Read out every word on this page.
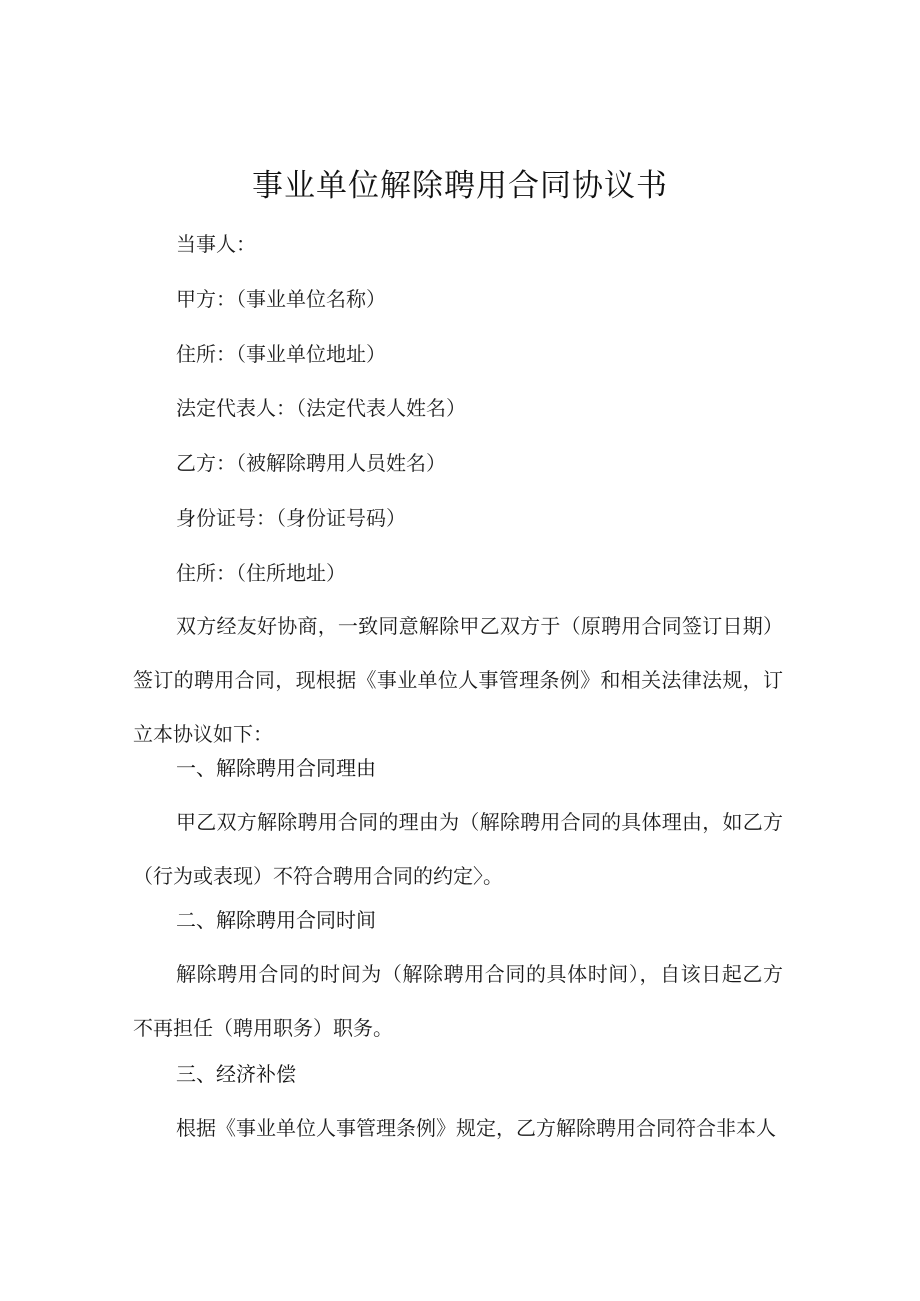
事业单位解除聘用合同协议书
当事人：
甲方：（事业单位名称）
住所：（事业单位地址）
法定代表人：（法定代表人姓名）
乙方：（被解除聘用人员姓名）
身份证号：（身份证号码）
住所：（住所地址）
双方经友好协商，一致同意解除甲乙双方于（原聘用合同签订日期）签订的聘用合同，现根据《事业单位人事管理条例》和相关法律法规，订立本协议如下：
一、解除聘用合同理由
甲乙双方解除聘用合同的理由为（解除聘用合同的具体理由，如乙方（行为或表现）不符合聘用合同的约定〉。
二、解除聘用合同时间
解除聘用合同的时间为（解除聘用合同的具体时间），自该日起乙方不再担任（聘用职务）职务。
三、经济补偿
根据《事业单位人事管理条例》规定，乙方解除聘用合同符合非本人
